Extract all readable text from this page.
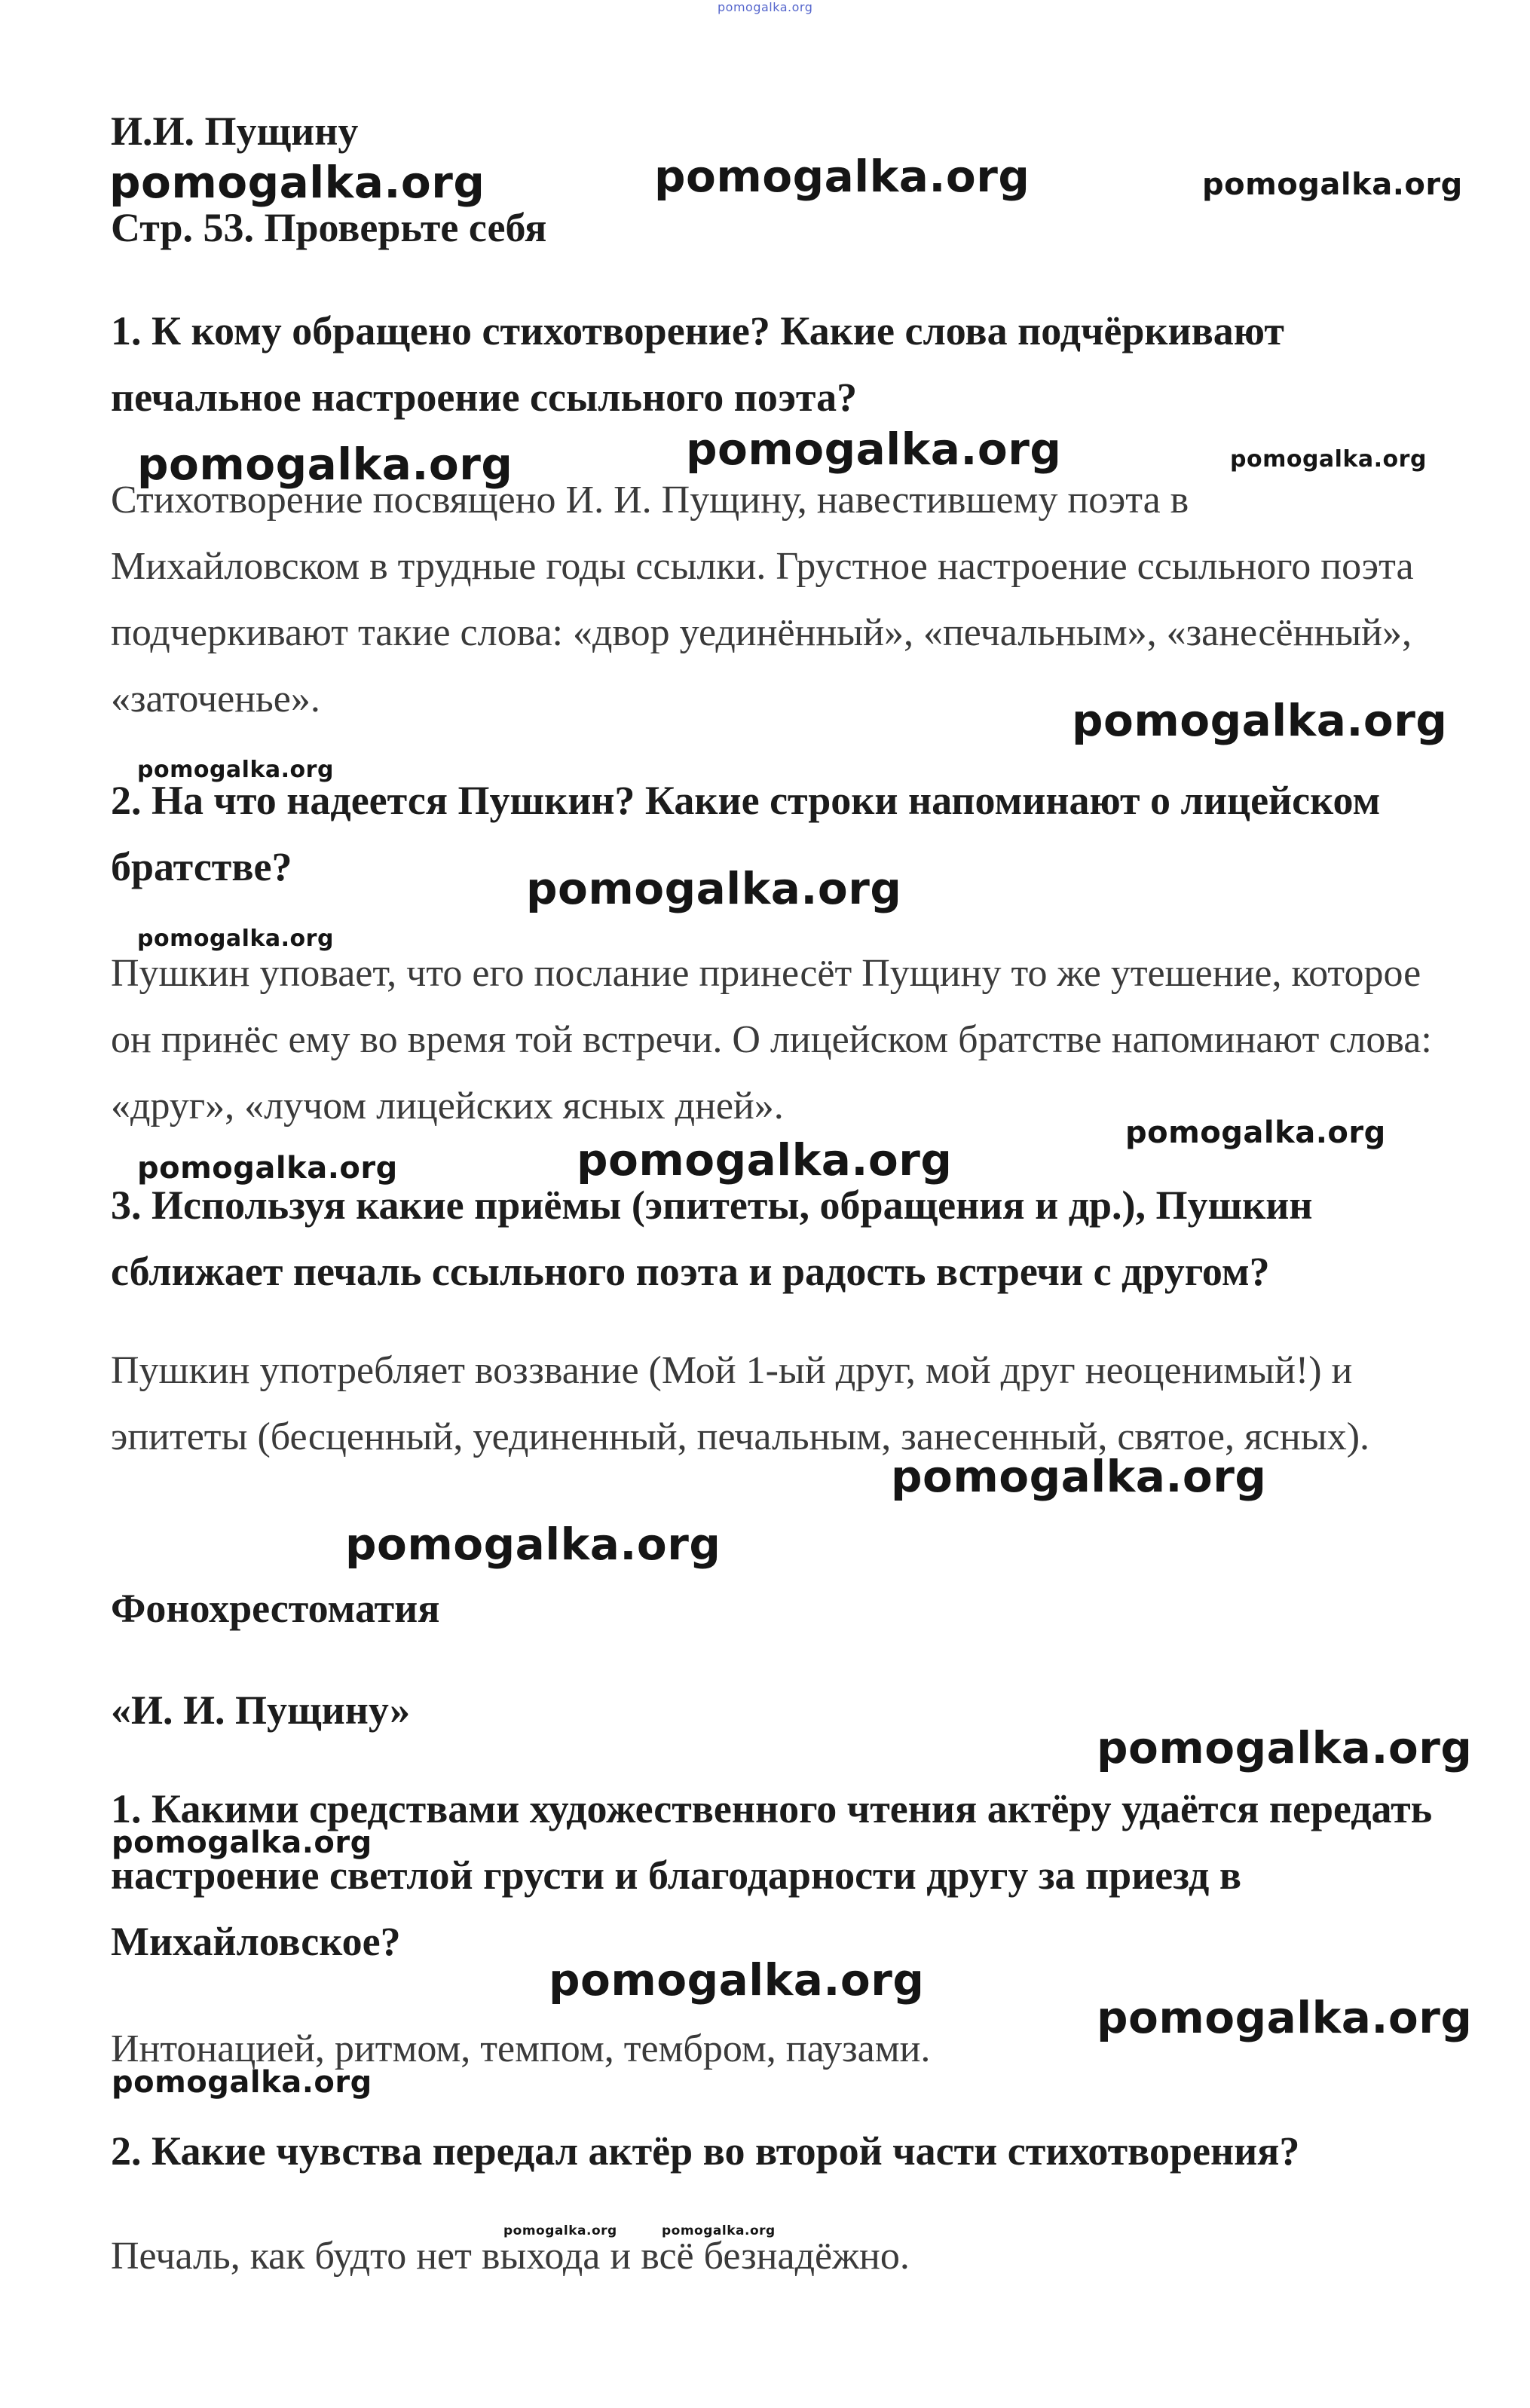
pomogalka.org

И.И. Пущину
Стр. 53. Проверьте себя

1. К кому обращено стихотворение? Какие слова подчёркивают печальное настроение ссыльного поэта?

Стихотворение посвящено И. И. Пущину, навестившему поэта в Михайловском в трудные годы ссылки. Грустное настроение ссыльного поэта подчеркивают такие слова: «двор уединённый», «печальным», «занесённый», «заточенье».

2. На что надеется Пушкин? Какие строки напоминают о лицейском братстве?

Пушкин уповает, что его послание принесёт Пущину то же утешение, которое он принёс ему во время той встречи. О лицейском братстве напоминают слова: «друг», «лучом лицейских ясных дней».

3. Используя какие приёмы (эпитеты, обращения и др.), Пушкин сближает печаль ссыльного поэта и радость встречи с другом?

Пушкин употребляет воззвание (Мой 1-ый друг, мой друг неоценимый!) и эпитеты (бесценный, уединенный, печальным, занесенный, святое, ясных).

Фонохрестоматия
«И. И. Пущину»

1. Какими средствами художественного чтения актёру удаётся передать настроение светлой грусти и благодарности другу за приезд в Михайловское?

Интонацией, ритмом, темпом, тембром, паузами.

2. Какие чувства передал актёр во второй части стихотворения?

Печаль, как будто нет выхода и всё безнадёжно.

pomogalka.org	pomogalka.org	pomogalka.org

pomogalka.org	pomogalka.org	pomogalka.org

pomogalka.org

pomogalka.org

pomogalka.org

pomogalka.org

pomogalka.org

pomogalka.org	pomogalka.org

pomogalka.org

pomogalka.org

pomogalka.org

pomogalka.org

pomogalka.org

pomogalka.org

pomogalka.org

pomogalka.org	pomogalka.org
